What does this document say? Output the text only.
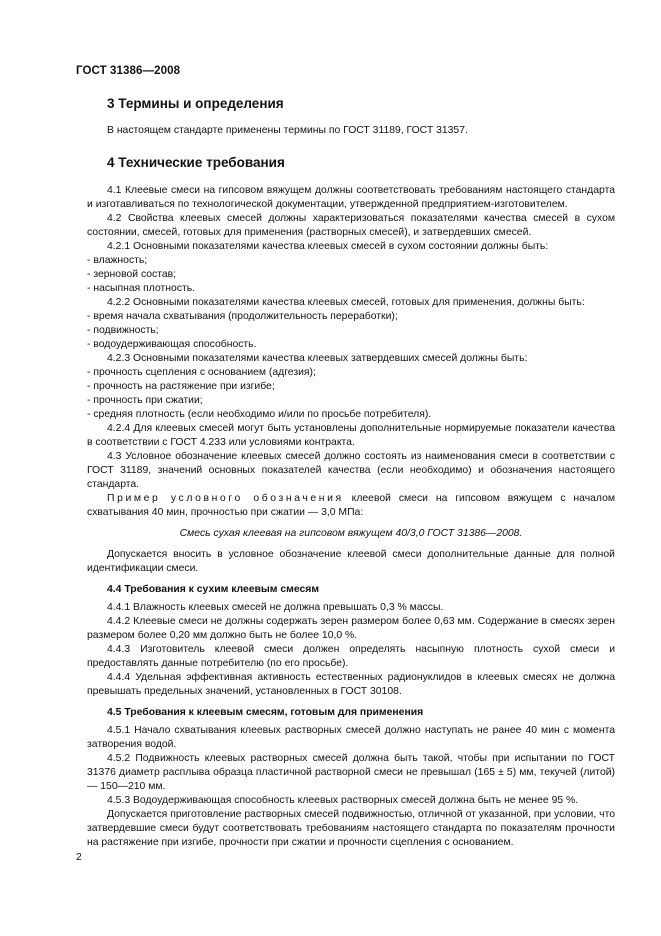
ГОСТ 31386—2008
3 Термины и определения

В настоящем стандарте применены термины по ГОСТ 31189, ГОСТ 31357.

4 Технические требования

4.1 Клеевые смеси на гипсовом вяжущем должны соответствовать требованиям настоящего стандарта и изготавливаться по технологической документации, утвержденной предприятием-изготовителем.

4.2 Свойства клеевых смесей должны характеризоваться показателями качества смесей в сухом состоянии, смесей, готовых для применения (растворных смесей), и затвердевших смесей.

4.2.1 Основными показателями качества клеевых смесей в сухом состоянии должны быть:

- влажность;

- зерновой состав;

- насыпная плотность.

4.2.2 Основными показателями качества клеевых смесей, готовых для применения, должны быть:

- время начала схватывания (продолжительность переработки);

- подвижность;

- водоудерживающая способность.

4.2.3 Основными показателями качества клеевых затвердевших смесей должны быть:

- прочность сцепления с основанием (адгезия);

- прочность на растяжение при изгибе;

- прочность при сжатии;

- средняя плотность (если необходимо и/или по просьбе потребителя).

4.2.4 Для клеевых смесей могут быть установлены дополнительные нормируемые показатели качества в соответствии с ГОСТ 4.233 или условиями контракта.

4.3 Условное обозначение клеевых смесей должно состоять из наименования смеси в соответствии с ГОСТ 31189, значений основных показателей качества (если необходимо) и обозначения настоящего стандарта.

Пример условного обозначения клеевой смеси на гипсовом вяжущем с началом схватывания 40 мин, прочностью при сжатии — 3,0 МПа:

Смесь сухая клеевая на гипсовом вяжущем 40/3,0 ГОСТ 31386—2008.

Допускается вносить в условное обозначение клеевой смеси дополнительные данные для полной идентификации смеси.

4.4 Требования к сухим клеевым смесям

4.4.1 Влажность клеевых смесей не должна превышать 0,3 % массы.

4.4.2 Клеевые смеси не должны содержать зерен размером более 0,63 мм. Содержание в смесях зерен размером более 0,20 мм должно быть не более 10,0 %.

4.4.3 Изготовитель клеевой смеси должен определять насыпную плотность сухой смеси и предоставлять данные потребителю (по его просьбе).

4.4.4 Удельная эффективная активность естественных радионуклидов в клеевых смесях не должна превышать предельных значений, установленных в ГОСТ 30108.

4.5 Требования к клеевым смесям, готовым для применения

4.5.1 Начало схватывания клеевых растворных смесей должно наступать не ранее 40 мин с момента затворения водой.

4.5.2 Подвижность клеевых растворных смесей должна быть такой, чтобы при испытании по ГОСТ 31376 диаметр расплыва образца пластичной растворной смеси не превышал (165 ± 5) мм, текучей (литой) — 150—210 мм.

4.5.3 Водоудерживающая способность клеевых растворных смесей должна быть не менее 95 %.

Допускается приготовление растворных смесей подвижностью, отличной от указанной, при условии, что затвердевшие смеси будут соответствовать требованиям настоящего стандарта по показателям прочности на растяжение при изгибе, прочности при сжатии и прочности сцепления с основанием.

2
